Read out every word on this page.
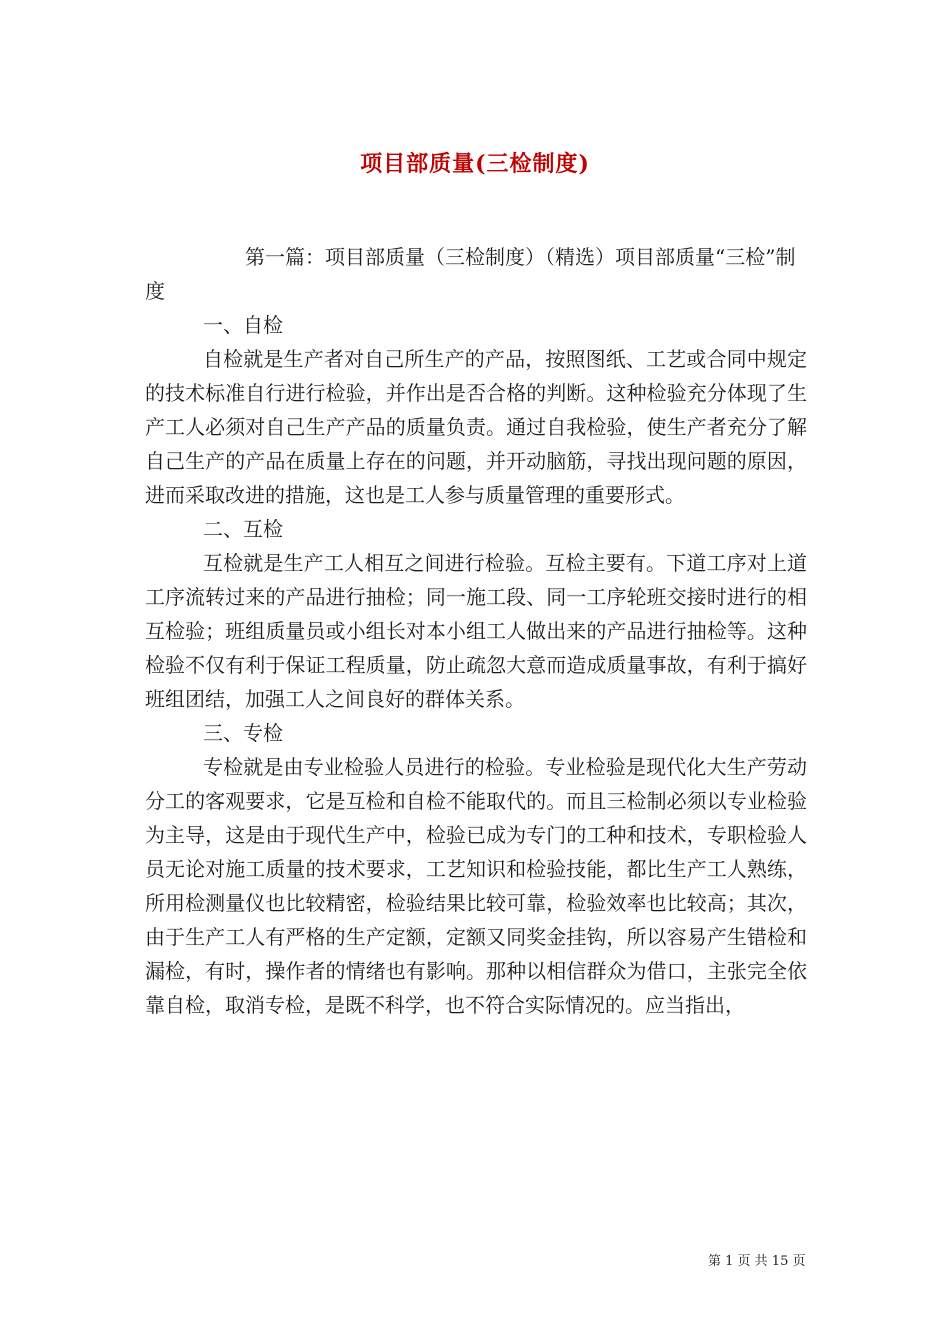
项目部质量(三检制度)

第一篇：项目部质量（三检制度）（精选）项目部质量“三检”制度

一、自检

自检就是生产者对自己所生产的产品，按照图纸、工艺或合同中规定的技术标准自行进行检验，并作出是否合格的判断。这种检验充分体现了生产工人必须对自己生产产品的质量负责。通过自我检验，使生产者充分了解自己生产的产品在质量上存在的问题，并开动脑筋，寻找出现问题的原因，进而采取改进的措施，这也是工人参与质量管理的重要形式。

二、互检

互检就是生产工人相互之间进行检验。互检主要有。下道工序对上道工序流转过来的产品进行抽检；同一施工段、同一工序轮班交接时进行的相互检验；班组质量员或小组长对本小组工人做出来的产品进行抽检等。这种检验不仅有利于保证工程质量，防止疏忽大意而造成质量事故，有利于搞好班组团结，加强工人之间良好的群体关系。

三、专检

专检就是由专业检验人员进行的检验。专业检验是现代化大生产劳动分工的客观要求，它是互检和自检不能取代的。而且三检制必须以专业检验为主导，这是由于现代生产中，检验已成为专门的工种和技术，专职检验人员无论对施工质量的技术要求，工艺知识和检验技能，都比生产工人熟练，所用检测量仪也比较精密，检验结果比较可靠，检验效率也比较高；其次，由于生产工人有严格的生产定额，定额又同奖金挂钩，所以容易产生错检和漏检，有时，操作者的情绪也有影响。那种以相信群众为借口，主张完全依靠自检，取消专检，是既不科学，也不符合实际情况的。应当指出，

第 1 页 共 15 页
